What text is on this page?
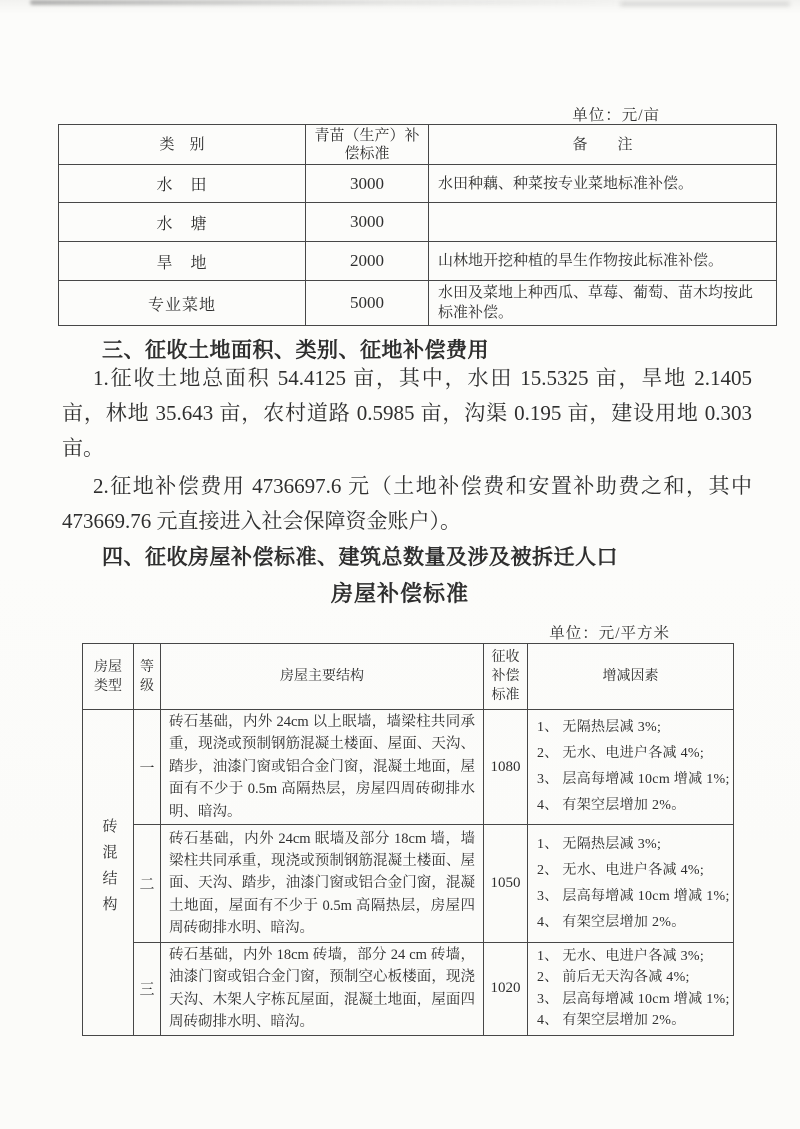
单位：元/亩
类　别	青苗（生产）补偿标准	备　　注
水　田	3000	水田种藕、种菜按专业菜地标准补偿。
水　塘	3000	
旱　地	2000	山林地开挖种植的旱生作物按此标准补偿。
专业菜地	5000	水田及菜地上种西瓜、草莓、葡萄、苗木均按此标准补偿。
三、征收土地面积、类别、征地补偿费用

1.征收土地总面积 54.4125 亩，其中，水田 15.5325 亩，旱地 2.1405 亩，林地 35.643 亩，农村道路 0.5985 亩，沟渠 0.195 亩，建设用地 0.303 亩。

2.征地补偿费用 4736697.6 元（土地补偿费和安置补助费之和，其中 473669.76 元直接进入社会保障资金账户）。

四、征收房屋补偿标准、建筑总数量及涉及被拆迁人口
房屋补偿标准
单位：元/平方米
房屋类型	等级	房屋主要结构	征收补偿标准	增减因素
砖混结构	一	砖石基础，内外 24cm 以上眠墙，墙梁柱共同承重，现浇或预制钢筋混凝土楼面、屋面、天沟、踏步，油漆门窗或铝合金门窗，混凝土地面，屋面有不少于 0.5m 高隔热层，房屋四周砖砌排水明、暗沟。	1080	1、 无隔热层减 3%;
2、 无水、电进户各减 4%;
3、 层高每增减 10cm 增减 1%;
4、 有架空层增加 2%。

	二	砖石基础，内外 24cm 眠墙及部分 18cm 墙，墙梁柱共同承重，现浇或预制钢筋混凝土楼面、屋面、天沟、踏步，油漆门窗或铝合金门窗，混凝土地面，屋面有不少于 0.5m 高隔热层，房屋四周砖砌排水明、暗沟。	1050	1、 无隔热层减 3%;
2、 无水、电进户各减 4%;
3、 层高每增减 10cm 增减 1%;
4、 有架空层增加 2%。

	三	砖石基础，内外 18cm 砖墙，部分 24 cm 砖墙，油漆门窗或铝合金门窗，预制空心板楼面，现浇天沟、木架人字栋瓦屋面，混凝土地面，屋面四周砖砌排水明、暗沟。	1020	1、 无水、电进户各减 3%;
2、 前后无天沟各减 4%;
3、 层高每增减 10cm 增减 1%;
4、 有架空层增加 2%。
